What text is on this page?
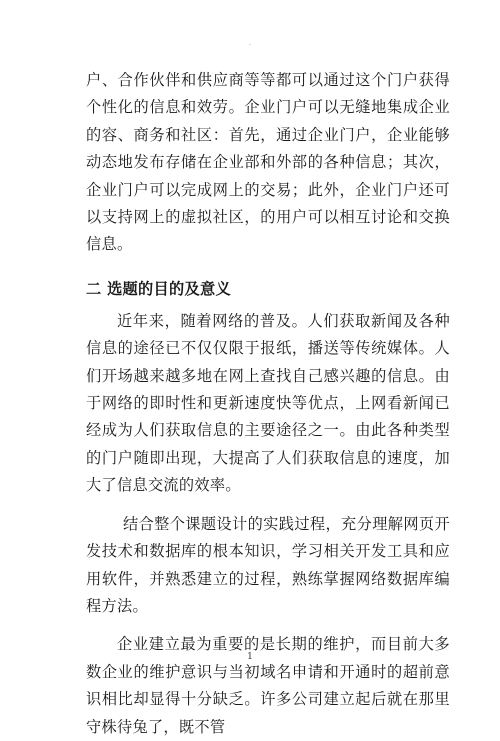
.

户、合作伙伴和供应商等等都可以通过这个门户获得个性化的信息和效劳。企业门户可以无缝地集成企业的容、商务和社区：首先，通过企业门户，企业能够动态地发布存储在企业部和外部的各种信息；其次，企业门户可以完成网上的交易；此外，企业门户还可以支持网上的虚拟社区，的用户可以相互讨论和交换信息。

二 选题的目的及意义

近年来，随着网络的普及。人们获取新闻及各种信息的途径已不仅仅限于报纸，播送等传统媒体。人们开场越来越多地在网上查找自己感兴趣的信息。由于网络的即时性和更新速度快等优点，上网看新闻已经成为人们获取信息的主要途径之一。由此各种类型的门户随即出现，大提高了人们获取信息的速度，加大了信息交流的效率。

结合整个课题设计的实践过程，充分理解网页开发技术和数据库的根本知识，学习相关开发工具和应用软件，并熟悉建立的过程，熟练掌握网络数据库编程方法。

企业建立最为重要的是长期的维护，而目前大多数企业的维护意识与当初域名申请和开通时的超前意识相比却显得十分缺乏。许多公司建立起后就在那里守株待兔了，既不管

1
